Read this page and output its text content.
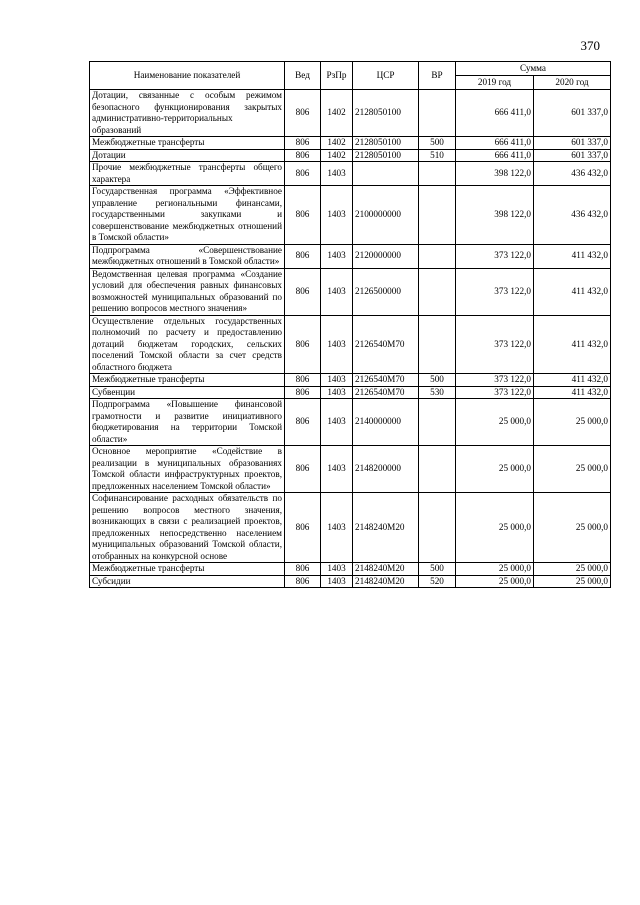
370
Наименование показателей	Вед	РзПр	ЦСР	ВР	Сумма	
					2019 год	2020 год
Дотации, связанные с особым режимом безопасного функционирования закрытых административно-территориальных образований	806	1402	2128050100		666 411,0	601 337,0
Межбюджетные трансферты	806	1402	2128050100	500	666 411,0	601 337,0
Дотации	806	1402	2128050100	510	666 411,0	601 337,0
Прочие межбюджетные трансферты общего характера	806	1403			398 122,0	436 432,0
Государственная программа «Эффективное управление региональными финансами, государственными закупками и совершенствование межбюджетных отношений в Томской области»	806	1403	2100000000		398 122,0	436 432,0
Подпрограмма «Совершенствование межбюджетных отношений в Томской области»	806	1403	2120000000		373 122,0	411 432,0
Ведомственная целевая программа «Создание условий для обеспечения равных финансовых возможностей муниципальных образований по решению вопросов местного значения»	806	1403	2126500000		373 122,0	411 432,0
Осуществление отдельных государственных полномочий по расчету и предоставлению дотаций бюджетам городских, сельских поселений Томской области за счет средств областного бюджета	806	1403	2126540М70		373 122,0	411 432,0
Межбюджетные трансферты	806	1403	2126540М70	500	373 122,0	411 432,0
Субвенции	806	1403	2126540М70	530	373 122,0	411 432,0
Подпрограмма «Повышение финансовой грамотности и развитие инициативного бюджетирования на территории Томской области»	806	1403	2140000000		25 000,0	25 000,0
Основное мероприятие «Содействие в реализации в муниципальных образованиях Томской области инфраструктурных проектов, предложенных населением Томской области»	806	1403	2148200000		25 000,0	25 000,0
Софинансирование расходных обязательств по решению вопросов местного значения, возникающих в связи с реализацией проектов, предложенных непосредственно населением муниципальных образований Томской области, отобранных на конкурсной основе	806	1403	2148240М20		25 000,0	25 000,0
Межбюджетные трансферты	806	1403	2148240М20	500	25 000,0	25 000,0
Субсидии	806	1403	2148240М20	520	25 000,0	25 000,0
